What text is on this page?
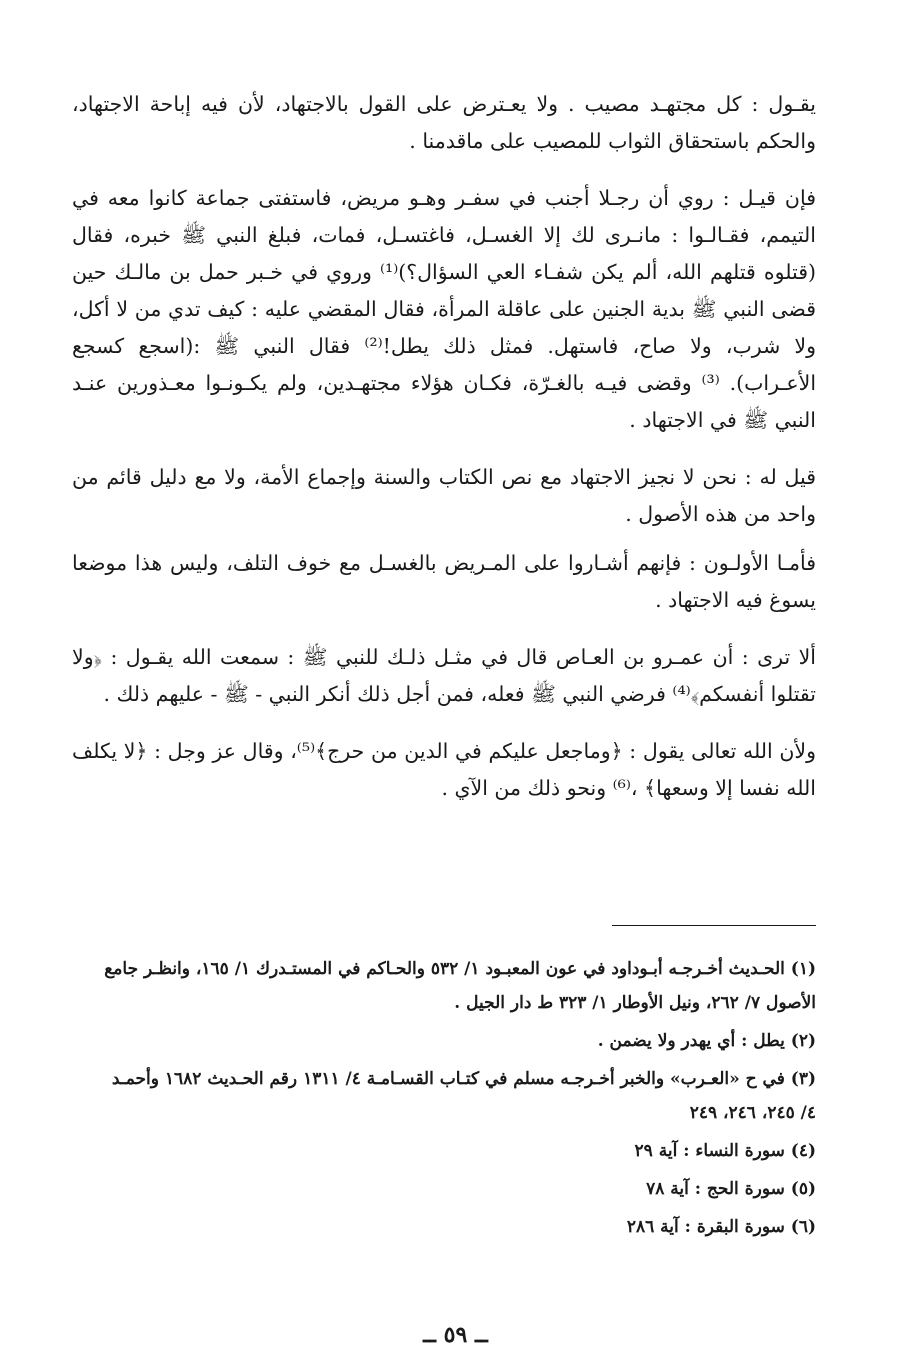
يقـول : كل مجتهـد مصيب . ولا يعـترض على القول بالاجتهاد، لأن فيه إباحة الاجتهاد، والحكم باستحقاق الثواب للمصيب على ماقدمنا .

فإن قيـل : روي أن رجـلا أجنب في سفـر وهـو مريض، فاستفتى جماعة كانوا معه في التيمم، فقـالـوا : مانـرى لك إلا الغسـل، فاغتسـل، فمات، فبلغ النبي ﷺ خبره، فقال (قتلوه قتلهم الله، ألم يكن شفـاء العي السؤال؟)⁽¹⁾ وروي في خـبر حمل بن مالـك حين قضى النبي ﷺ بدية الجنين على عاقلة المرأة، فقال المقضي عليه : كيف تدي من لا أكل، ولا شرب، ولا صاح، فاستهل. فمثل ذلك يطل!⁽²⁾ فقال النبي ﷺ :(اسجع كسجع الأعـراب). ⁽³⁾ وقضى فيـه بالغـرّة، فكـان هؤلاء مجتهـدين، ولم يكـونـوا معـذورين عنـد النبي ﷺ في الاجتهاد .

قيل له : نحن لا نجيز الاجتهاد مع نص الكتاب والسنة وإجماع الأمة، ولا مع دليل قائم من واحد من هذه الأصول .

فأمـا الأولـون : فإنهم أشـاروا على المـريض بالغسـل مع خوف التلف، وليس هذا موضعا يسوغ فيه الاجتهاد .

ألا ترى : أن عمـرو بن العـاص قال في مثـل ذلـك للنبي ﷺ : سمعت الله يقـول : ﴿ولا تقتلوا أنفسكم﴾⁽⁴⁾ فرضي النبي ﷺ فعله، فمن أجل ذلك أنكر النبي - ﷺ - عليهم ذلك .

ولأن الله تعالى يقول : ﴿وماجعل عليكم في الدين من حرج﴾⁽⁵⁾، وقال عز وجل : ﴿لا يكلف الله نفسا إلا وسعها﴾ ،⁽⁶⁾ ونحو ذلك من الآي .

(١) الحـديث أخـرجـه أبـوداود في عون المعبـود ١/ ٥٣٢ والحـاكم في المستـدرك ١/ ١٦٥، وانظـر جامع
الأصول ٧/ ٢٦٢، ونيل الأوطار ١/ ٣٢٣ ط دار الجيل .

(٢) يطل : أي يهدر ولا يضمن .

(٣) في ح «العـرب» والخبر أخـرجـه مسلم في كتـاب القسـامـة ٤/ ١٣١١ رقم الحـديث ١٦٨٢ وأحمـد
٤/ ٢٤٥، ٢٤٦، ٢٤٩

(٤) سورة النساء : آية ٢٩

(٥) سورة الحج : آية ٧٨

(٦) سورة البقرة : آية ٢٨٦

ــ ٥٩ ــ
